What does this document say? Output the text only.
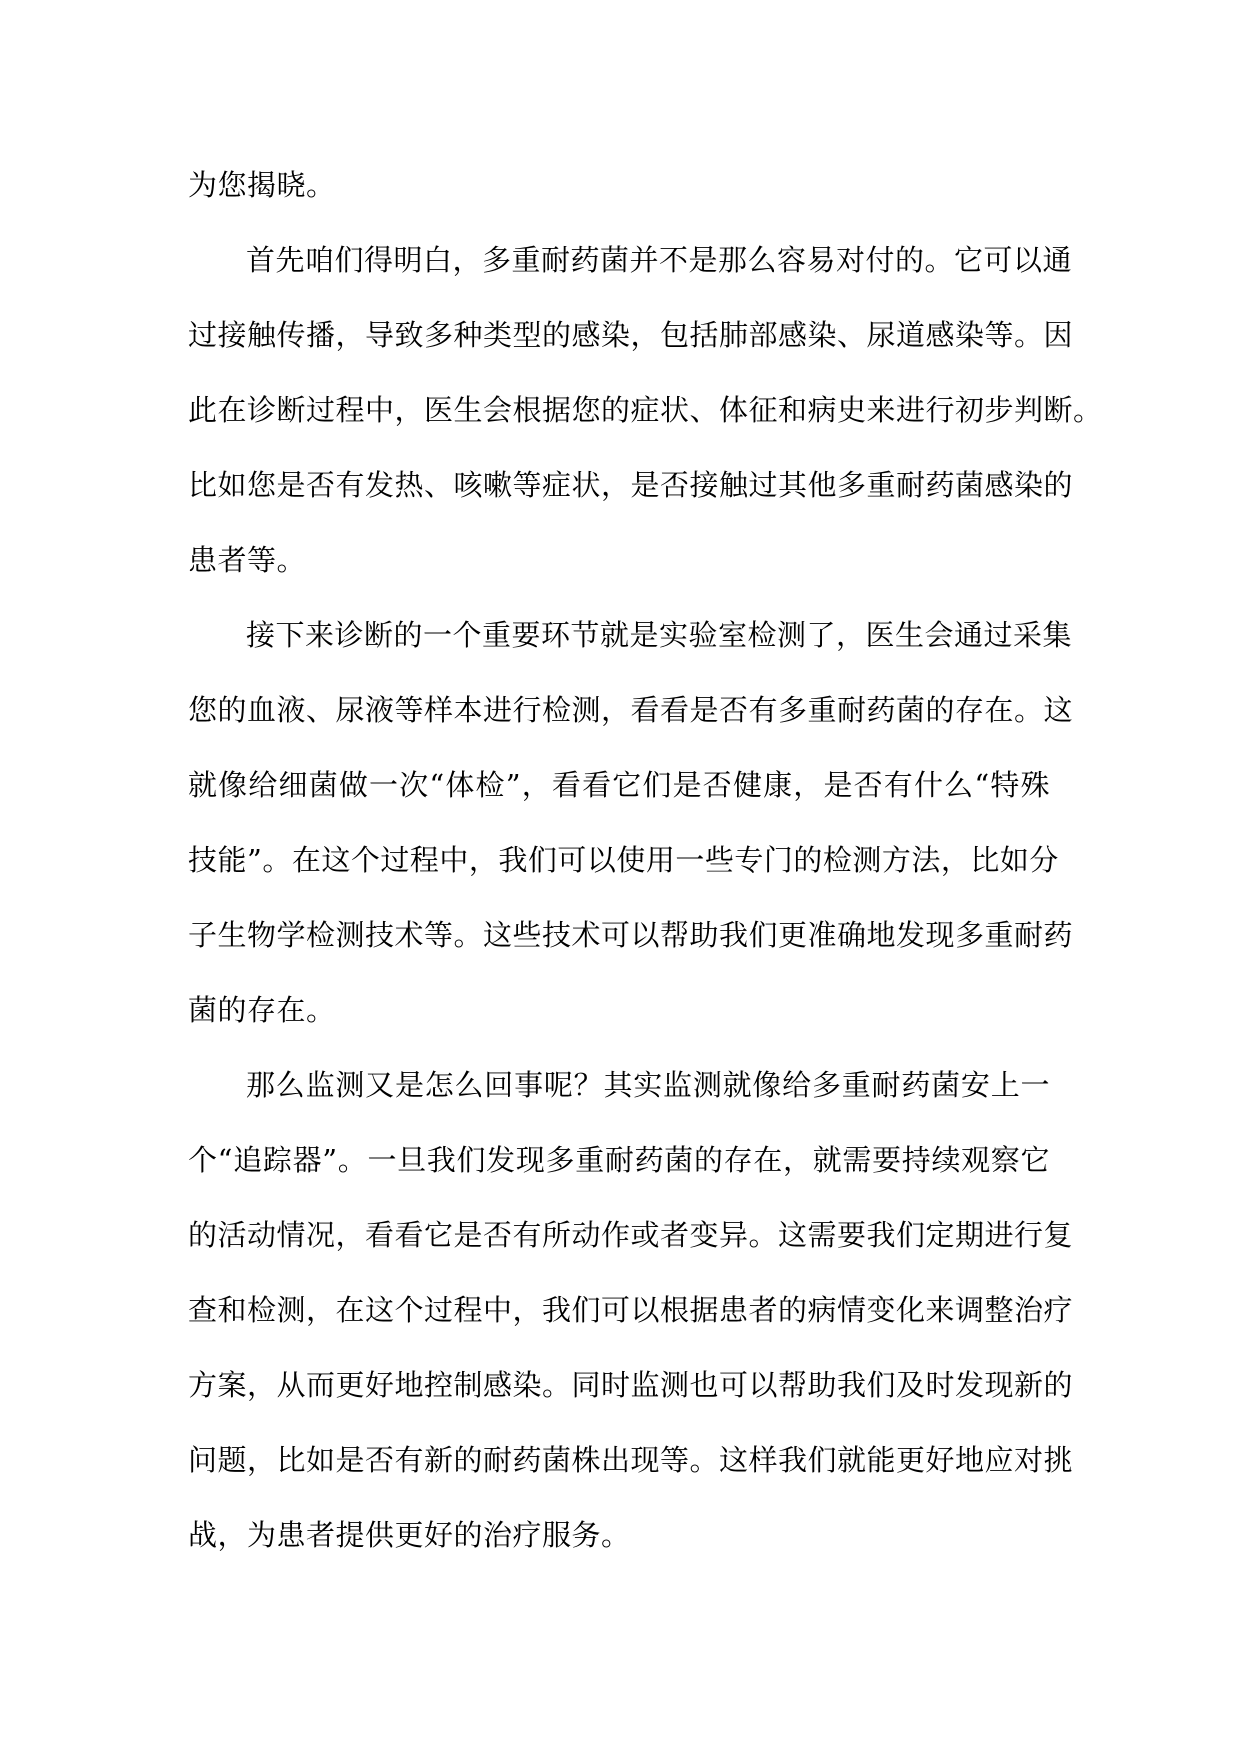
为您揭晓。
首先咱们得明白，多重耐药菌并不是那么容易对付的。它可以通
过接触传播，导致多种类型的感染，包括肺部感染、尿道感染等。因
此在诊断过程中，医生会根据您的症状、体征和病史来进行初步判断。
比如您是否有发热、咳嗽等症状，是否接触过其他多重耐药菌感染的
患者等。
接下来诊断的一个重要环节就是实验室检测了，医生会通过采集
您的血液、尿液等样本进行检测，看看是否有多重耐药菌的存在。这
就像给细菌做一次“体检”，看看它们是否健康，是否有什么“特殊
技能”。在这个过程中，我们可以使用一些专门的检测方法，比如分
子生物学检测技术等。这些技术可以帮助我们更准确地发现多重耐药
菌的存在。
那么监测又是怎么回事呢？其实监测就像给多重耐药菌安上一
个“追踪器”。一旦我们发现多重耐药菌的存在，就需要持续观察它
的活动情况，看看它是否有所动作或者变异。这需要我们定期进行复
查和检测，在这个过程中，我们可以根据患者的病情变化来调整治疗
方案，从而更好地控制感染。同时监测也可以帮助我们及时发现新的
问题，比如是否有新的耐药菌株出现等。这样我们就能更好地应对挑
战，为患者提供更好的治疗服务。
